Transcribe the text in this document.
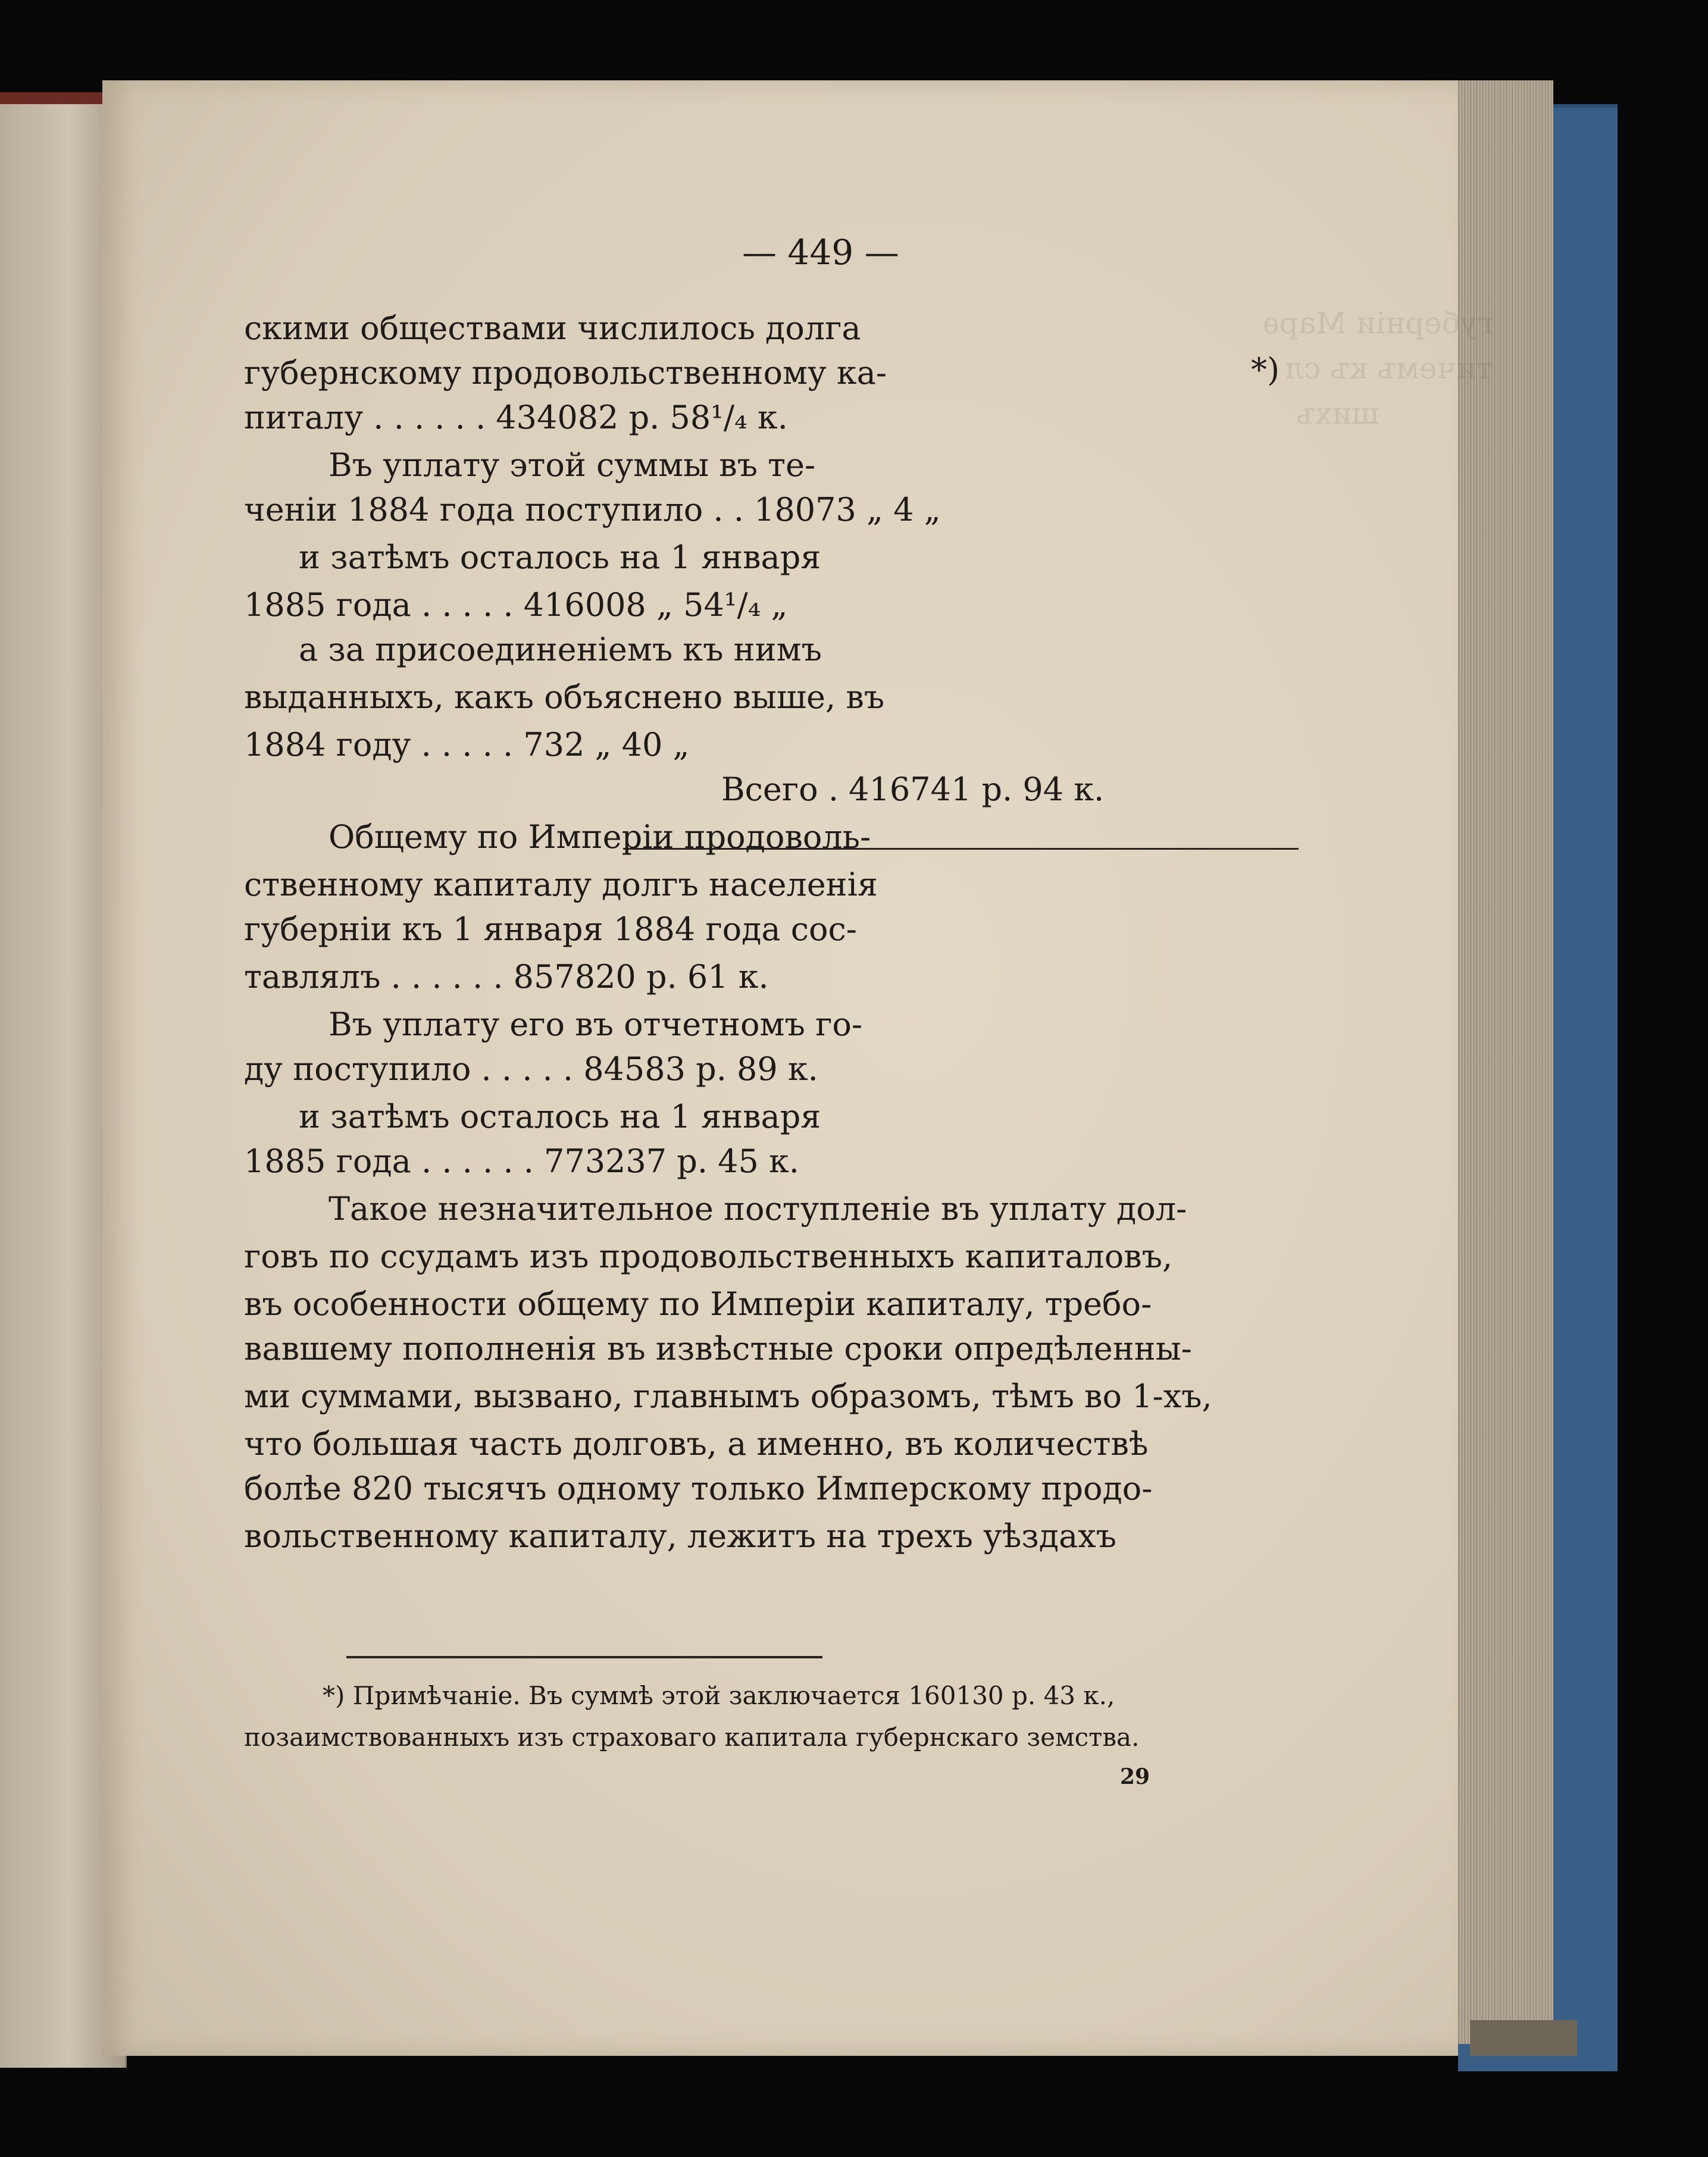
губерніи Марѳ
тичемъ къ сл
шихъ
— 449 —
скими обществами числилось долга
губернскому продовольственному ка-	*)
питалу . . . . . . 434082 р. 58¹/₄ к.
Въ уплату этой суммы въ те-
ченіи 1884 года поступило . . 18073 „ 4 „
и затѣмъ осталось на 1 января
1885 года . . . . . 416008 „ 54¹/₄ „
а за присоединеніемъ къ нимъ
выданныхъ, какъ объяснено выше, въ
1884 году . . . . . 732 „ 40 „
Всего . 416741 р. 94 к.
Общему по Имперіи продоволь-
ственному капиталу долгъ населенія
губерніи къ 1 января 1884 года сос-
тавлялъ . . . . . . 857820 р. 61 к.
Въ уплату его въ отчетномъ го-
ду поступило . . . . . 84583 р. 89 к.
и затѣмъ осталось на 1 января
1885 года . . . . . . 773237 р. 45 к.
Такое незначительное поступленіе въ уплату дол-
говъ по ссудамъ изъ продовольственныхъ капиталовъ,
въ особенности общему по Имперіи капиталу, требо-
вавшему пополненія въ извѣстные сроки опредѣленны-
ми суммами, вызвано, главнымъ образомъ, тѣмъ во 1-хъ,
что большая часть долговъ, а именно, въ количествѣ
болѣе 820 тысячъ одному только Имперскому продо-
вольственному капиталу, лежитъ на трехъ уѣздахъ
*) Примѣчаніе. Въ суммѣ этой заключается 160130 р. 43 к.,
позаимствованныхъ изъ страховаго капитала губернскаго земства.
29
